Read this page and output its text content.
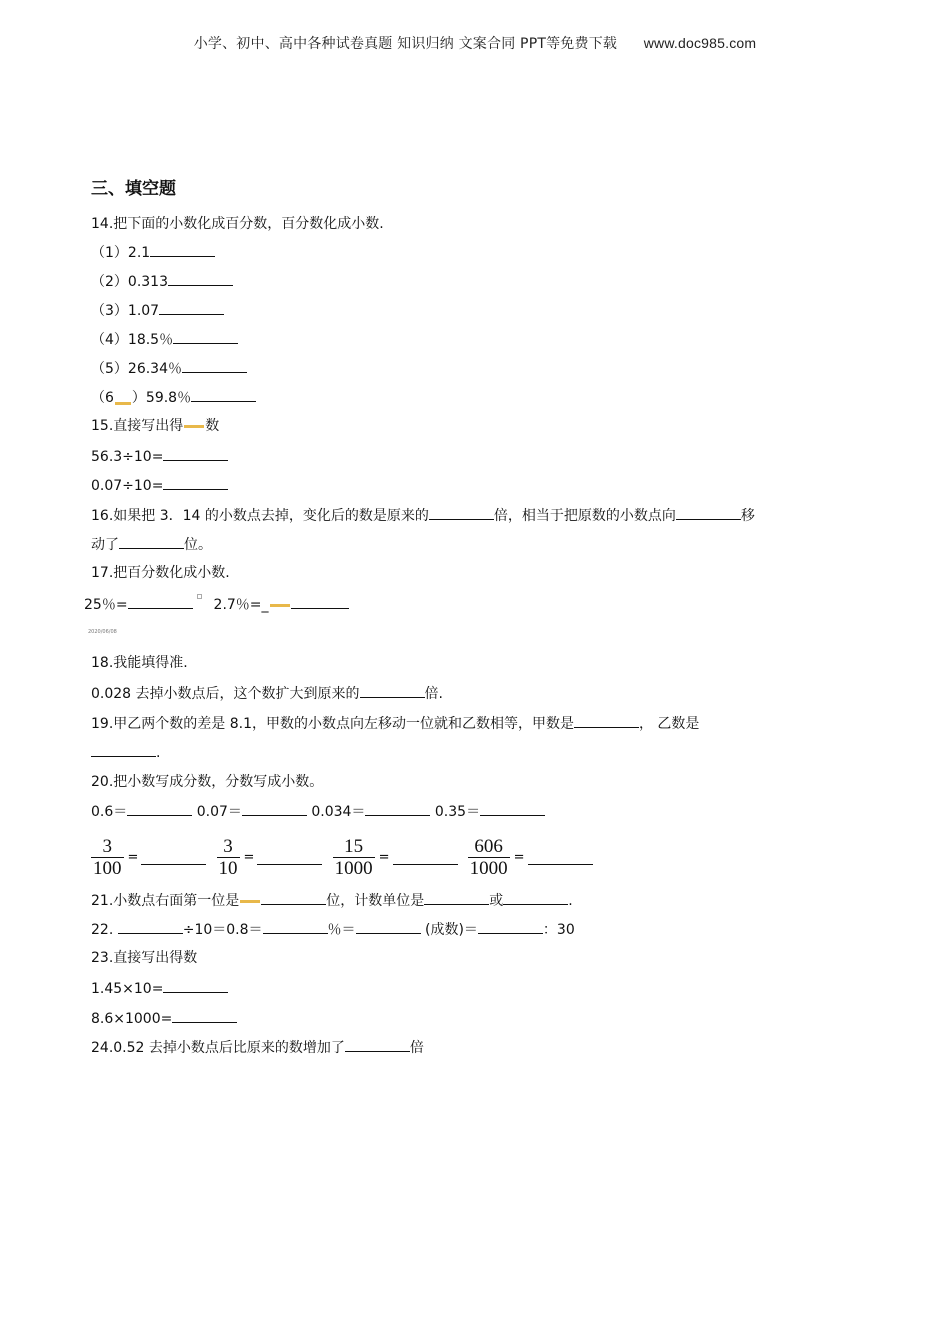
小学、初中、高中各种试卷真题 知识归纳 文案合同 PPT等免费下载 www.doc985.com
三、填空题
14.把下面的小数化成百分数，百分数化成小数.
（1）2.1
（2）0.313
（3）1.07
（4）18.5％
（5）26.34％
（6 ）59.8％
15.直接写出得 数
56.3÷10=
0.07÷10=
16.如果把 3．14 的小数点去掉，变化后的数是原来的	倍，相当于把原数的小数点向	移
动了	位。
17.把百分数化成小数.
25％=	2.7％=_
2020/06/08
18.我能填得准.
0.028 去掉小数点后，这个数扩大到原来的	倍.
19.甲乙两个数的差是 8.1，甲数的小数点向左移动一位就和乙数相等，甲数是	， 乙数是
.
20.把小数写成分数，分数写成小数。
0.6＝	0.07＝	0.034＝	0.35＝
$\frac{3}{100}$ =	$\frac{3}{10}$ =	$\frac{15}{1000}$ =	$\frac{606}{1000}$ =
21.小数点右面第一位是	位，计数单位是	或	.
22.	÷10＝0.8＝	％＝	(成数)＝	：30
23.直接写出得数
1.45×10=
8.6×1000=
24.0.52 去掉小数点后比原来的数增加了	倍
